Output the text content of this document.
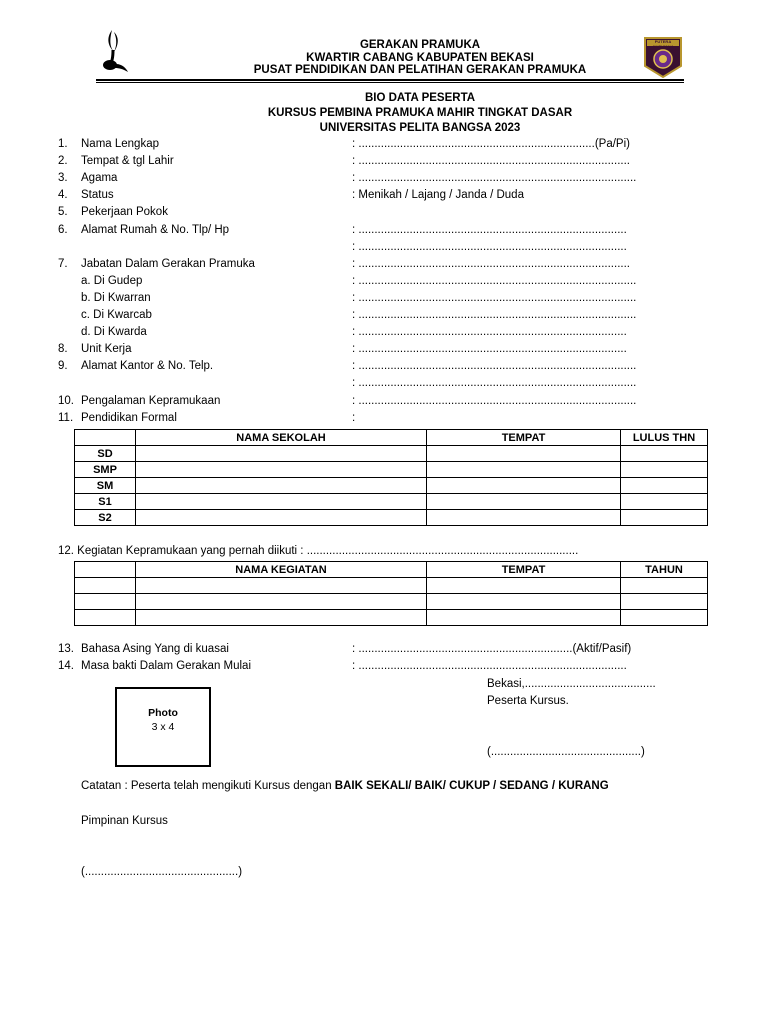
GERAKAN PRAMUKA
KWARTIR CABANG KABUPATEN BEKASI
PUSAT PENDIDIKAN DAN PELATIHAN GERAKAN PRAMUKA
PUTERA KUSUMAH
BIO DATA PESERTA
KURSUS PEMBINA PRAMUKA MAHIR TINGKAT DASAR
UNIVERSITAS PELITA BANGSA 2023
1. Nama Lengkap	: ..........................................................................(Pa/Pi)
2. Tempat & tgl Lahir	: .....................................................................................
3. Agama	: .......................................................................................
4. Status	: Menikah / Lajang / Janda / Duda
5. Pekerjaan Pokok
6. Alamat Rumah & No. Tlp/ Hp	: ....................................................................................
: ....................................................................................
7. Jabatan Dalam Gerakan Pramuka	: .....................................................................................
a. Di Gudep	: .......................................................................................
b. Di Kwarran	: .......................................................................................
c. Di Kwarcab	: .......................................................................................
d. Di Kwarda	: ....................................................................................
8. Unit Kerja	: ....................................................................................
9. Alamat Kantor & No. Telp.	: .......................................................................................
: .......................................................................................
10. Pengalaman Kepramukaan	: .......................................................................................
11. Pendidikan Formal	:
	NAMA SEKOLAH	TEMPAT	LULUS THN
SD			
SMP			
SM			
S1			
S2			
12. Kegiatan Kepramukaan yang pernah diikuti : .....................................................................................
	NAMA KEGIATAN	TEMPAT	TAHUN

13. Bahasa Asing Yang di kuasai	: ...................................................................(Aktif/Pasif)
14. Masa bakti Dalam Gerakan Mulai	: ....................................................................................
Photo
3 x 4
Bekasi,.........................................
Peserta Kursus.
(...............................................)
Catatan : Peserta telah mengikuti Kursus dengan BAIK SEKALI/ BAIK/ CUKUP / SEDANG / KURANG
Pimpinan Kursus
(................................................)
